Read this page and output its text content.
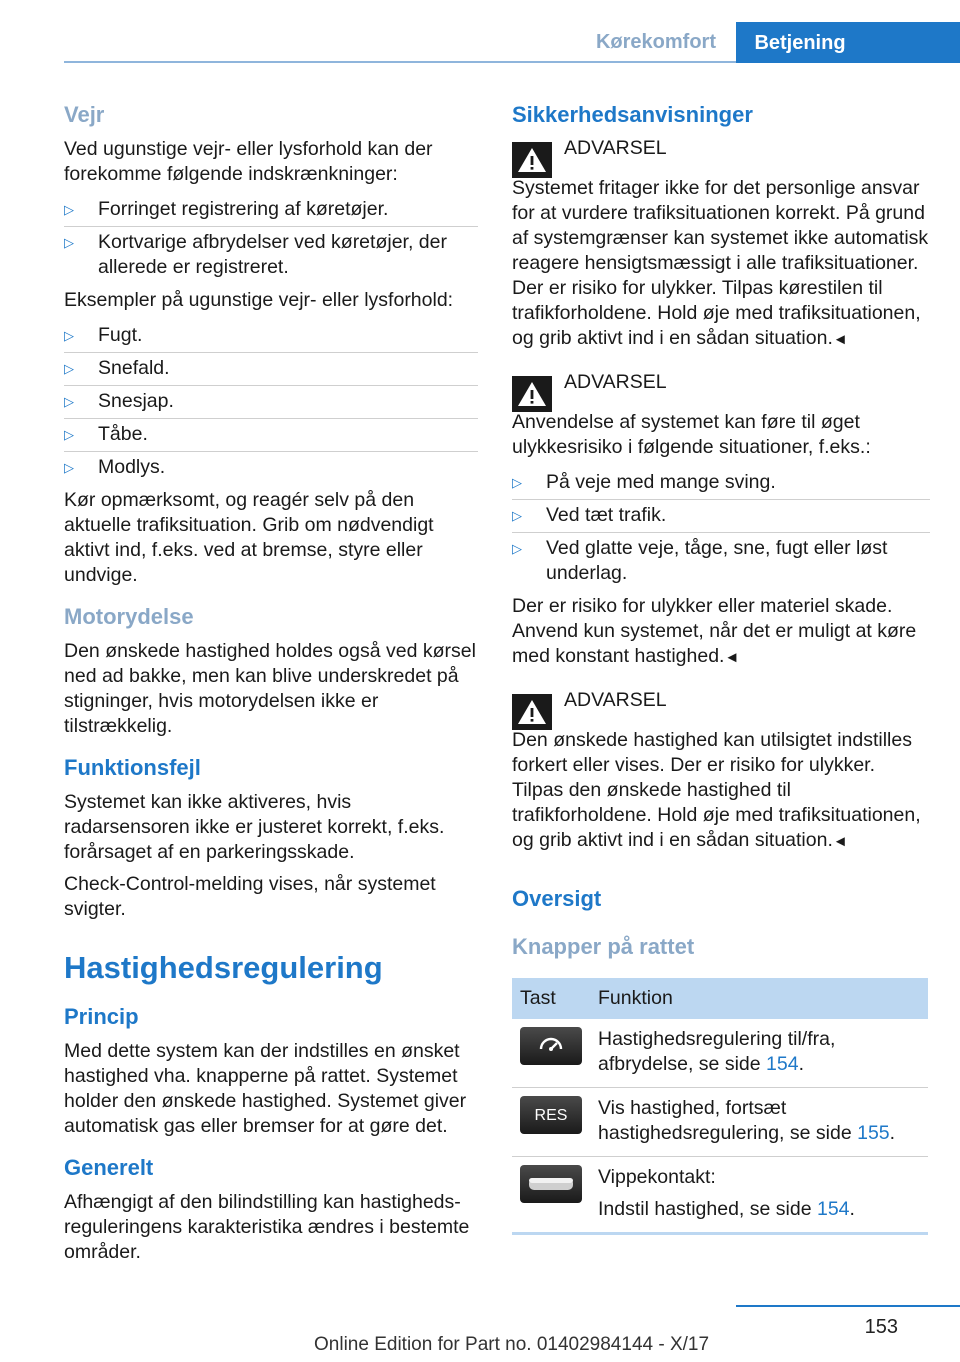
Kørekomfort	Betjening

Vejr

Ved ugunstige vejr- eller lysforhold kan der forekomme følgende indskrænkninger:

▷	Forringet registrering af køretøjer.
▷	Kortvarige afbrydelser ved køretøjer, der allerede er registreret.

Eksempler på ugunstige vejr- eller lysforhold:

▷	Fugt.
▷	Snefald.
▷	Snesjap.
▷	Tåbe.
▷	Modlys.

Kør opmærksomt, og reagér selv på den aktuelle trafiksituation. Grib om nødvendigt aktivt ind, f.eks. ved at bremse, styre eller undvige.

Motorydelse

Den ønskede hastighed holdes også ved kørsel ned ad bakke, men kan blive underskredet på stigninger, hvis motorydelsen ikke er tilstrækkelig.

Funktionsfejl

Systemet kan ikke aktiveres, hvis radarsensoren ikke er justeret korrekt, f.eks. forårsaget af en parkeringsskade.

Check-Control-melding vises, når systemet svigter.

Hastighedsregulering

Princip

Med dette system kan der indstilles en ønsket hastighed vha. knapperne på rattet. Systemet holder den ønskede hastighed. Systemet giver automatisk gas eller bremser for at gøre det.

Generelt

Afhængigt af den bilindstilling kan hastighedsreguleringens karakteristika ændres i bestemte områder.

Sikkerhedsanvisninger

ADVARSEL

Systemet fritager ikke for det personlige ansvar for at vurdere trafiksituationen korrekt. På grund af systemgrænser kan systemet ikke automatisk reagere hensigtsmæssigt i alle trafiksituationer. Der er risiko for ulykker. Tilpas kørestilen til trafikforholdene. Hold øje med trafiksituationen, og grib aktivt ind i en sådan situation.◄

ADVARSEL

Anvendelse af systemet kan føre til øget ulykkesrisiko i følgende situationer, f.eks.:

▷	På veje med mange sving.
▷	Ved tæt trafik.
▷	Ved glatte veje, tåge, sne, fugt eller løst underlag.

Der er risiko for ulykker eller materiel skade. Anvend kun systemet, når det er muligt at køre med konstant hastighed.◄

ADVARSEL

Den ønskede hastighed kan utilsigtet indstilles forkert eller vises. Der er risiko for ulykker. Tilpas den ønskede hastighed til trafikforholdene. Hold øje med trafiksituationen, og grib aktivt ind i en sådan situation.◄

Oversigt

Knapper på rattet

Tast	Funktion

	Hastighedsregulering til/fra, afbrydelse, se side 154.

RES	Vis hastighed, fortsæt hastighedsregulering, se side 155.

Vippekontakt:
Indstil hastighed, se side 154.
153
Online Edition for Part no. 01402984144 - X/17
